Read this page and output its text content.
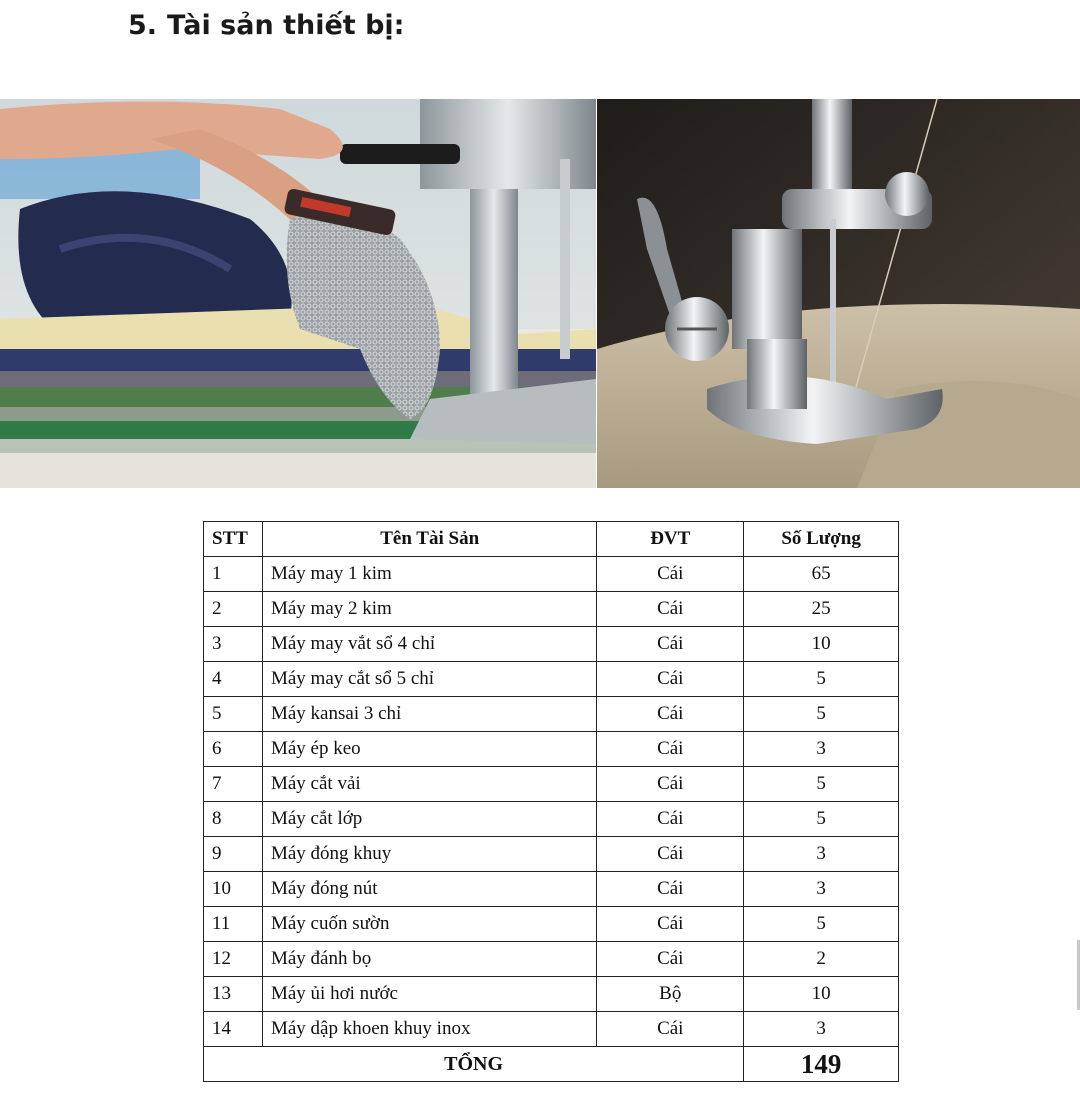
5. Tài sản thiết bị:
STT	Tên Tài Sản	ĐVT	Số Lượng
1	Máy may 1 kim	Cái	65
2	Máy may 2 kim	Cái	25
3	Máy may vắt sổ 4 chỉ	Cái	10
4	Máy may cắt sổ 5 chỉ	Cái	5
5	Máy kansai 3 chỉ	Cái	5
6	Máy ép keo	Cái	3
7	Máy cắt vải	Cái	5
8	Máy cắt lớp	Cái	5
9	Máy đóng khuy	Cái	3
10	Máy đóng nút	Cái	3
11	Máy cuốn sườn	Cái	5
12	Máy đánh bọ	Cái	2
13	Máy ủi hơi nước	Bộ	10
14	Máy dập khoen khuy inox	Cái	3
TỔNG			149
